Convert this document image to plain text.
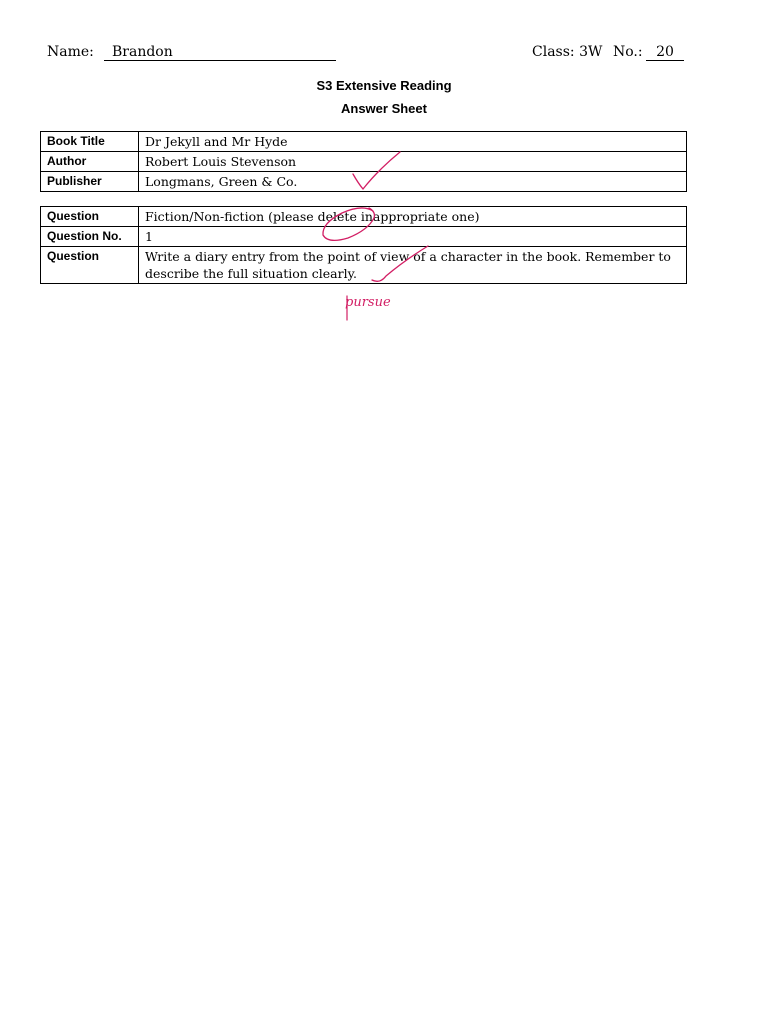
Name:	Brandon	Class: 3W No.: 20
S3 Extensive Reading
Answer Sheet
Book Title	Dr Jekyll and Mr Hyde
Author	Robert Louis Stevenson
Publisher	Longmans, Green & Co.
Question	Fiction/Non-fiction (please delete inappropriate one)
Question No.	1
Question	Write a diary entry from the point of view of a character in the book. Remember to describe the full situation clearly.
pursue
